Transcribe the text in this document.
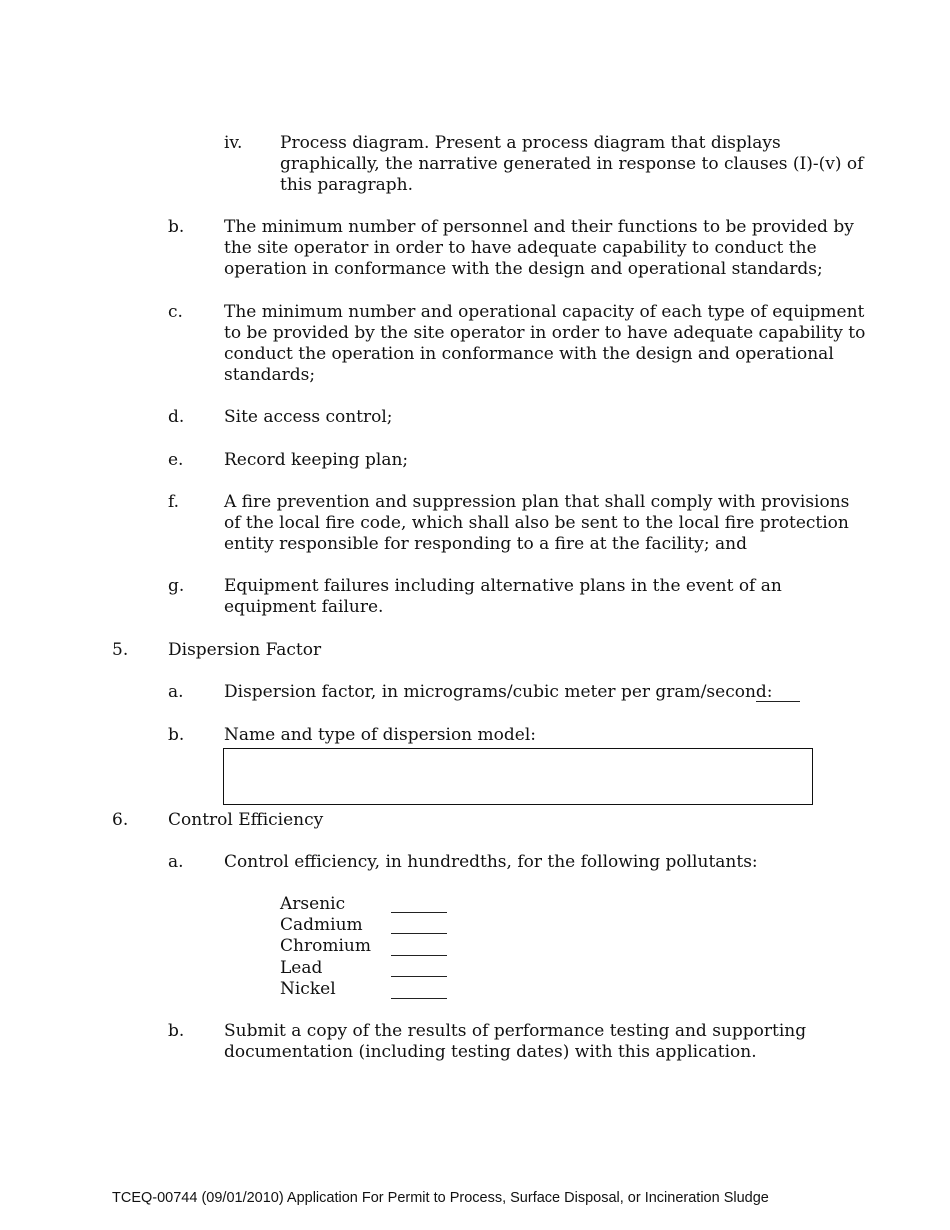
iv. Process diagram. Present a process diagram that displays
graphically, the narrative generated in response to clauses (I)-(v) of
this paragraph.
b. The minimum number of personnel and their functions to be provided by
the site operator in order to have adequate capability to conduct the
operation in conformance with the design and operational standards;
c. The minimum number and operational capacity of each type of equipment
to be provided by the site operator in order to have adequate capability to
conduct the operation in conformance with the design and operational
standards;
d. Site access control;
e. Record keeping plan;
f.	A fire prevention and suppression plan that shall comply with provisions
of the local fire code, which shall also be sent to the local fire protection
entity responsible for responding to a fire at the facility; and
g. Equipment failures including alternative plans in the event of an
equipment failure.
5. Dispersion Factor
a. Dispersion factor, in micrograms/cubic meter per gram/second:
b. Name and type of dispersion model:
6. Control Efficiency
a. Control efficiency, in hundredths, for the following pollutants:
Arsenic
Cadmium
Chromium
Lead
Nickel
b. Submit a copy of the results of performance testing and supporting
documentation (including testing dates) with this application.
TCEQ-00744 (09/01/2010) Application For Permit to Process, Surface Disposal, or Incineration Sludge
